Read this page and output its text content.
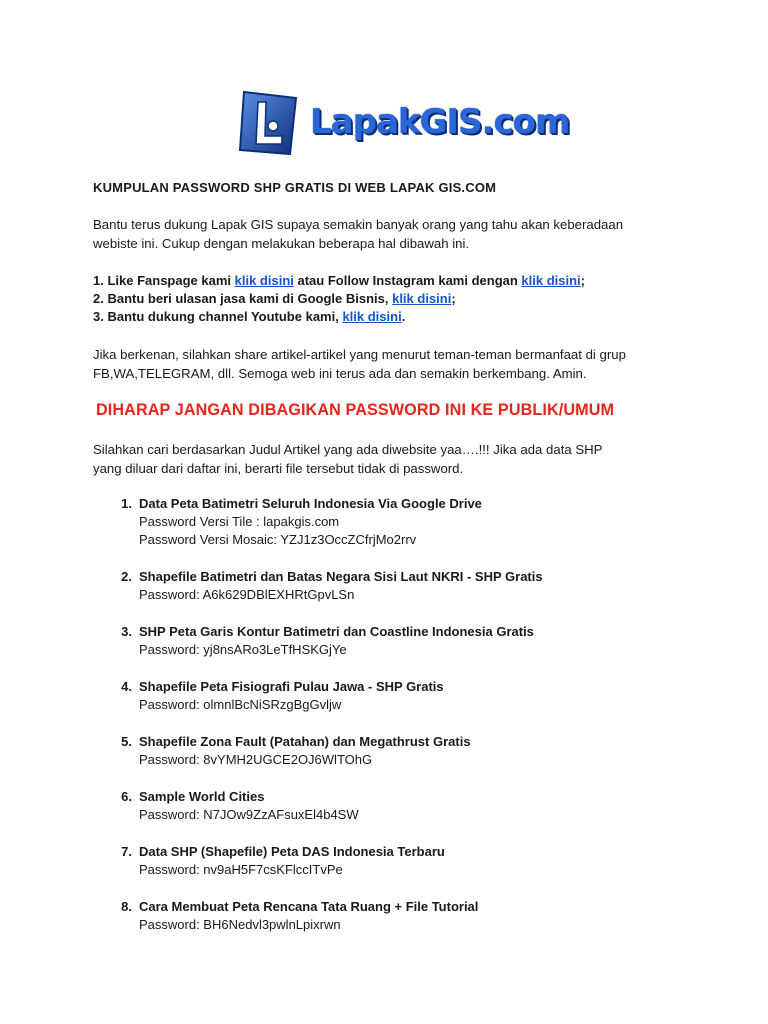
LapakGIS.com
KUMPULAN PASSWORD SHP GRATIS DI WEB LAPAK GIS.COM
Bantu terus dukung Lapak GIS supaya semakin banyak orang yang tahu akan keberadaan
webiste ini. Cukup dengan melakukan beberapa hal dibawah ini.
1. Like Fanspage kami klik disini atau Follow Instagram kami dengan klik disini;
2. Bantu beri ulasan jasa kami di Google Bisnis, klik disini;
3. Bantu dukung channel Youtube kami, klik disini.
Jika berkenan, silahkan share artikel-artikel yang menurut teman-teman bermanfaat di grup
FB,WA,TELEGRAM, dll. Semoga web ini terus ada dan semakin berkembang. Amin.
DIHARAP JANGAN DIBAGIKAN PASSWORD INI KE PUBLIK/UMUM
Silahkan cari berdasarkan Judul Artikel yang ada diwebsite yaa….!!! Jika ada data SHP
yang diluar dari daftar ini, berarti file tersebut tidak di password.
1. Data Peta Batimetri Seluruh Indonesia Via Google Drive
Password Versi Tile : lapakgis.com
Password Versi Mosaic: YZJ1z3OccZCfrjMo2rrv
2. Shapefile Batimetri dan Batas Negara Sisi Laut NKRI - SHP Gratis
Password: A6k629DBlEXHRtGpvLSn
3. SHP Peta Garis Kontur Batimetri dan Coastline Indonesia Gratis
Password: yj8nsARo3LeTfHSKGjYe
4. Shapefile Peta Fisiografi Pulau Jawa - SHP Gratis
Password: olmnlBcNiSRzgBgGvljw
5. Shapefile Zona Fault (Patahan) dan Megathrust Gratis
Password: 8vYMH2UGCE2OJ6WlTOhG
6. Sample World Cities
Password: N7JOw9ZzAFsuxEl4b4SW
7. Data SHP (Shapefile) Peta DAS Indonesia Terbaru
Password: nv9aH5F7csKFlccITvPe
8. Cara Membuat Peta Rencana Tata Ruang + File Tutorial
Password: BH6Nedvl3pwlnLpixrwn
